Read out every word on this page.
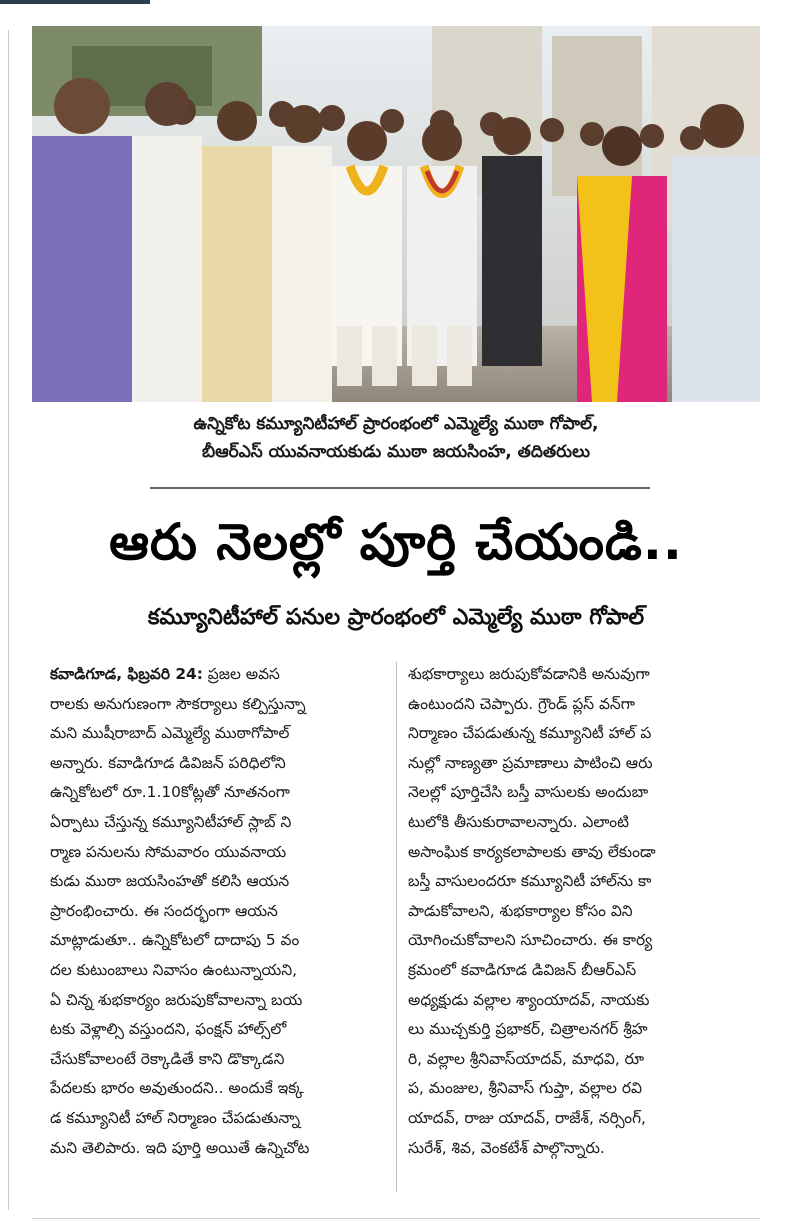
ఉన్నికోట కమ్యూనిటీహాల్ ప్రారంభంలో ఎమ్మెల్యే ముఠా గోపాల్,
బీఆర్ఎస్ యువనాయకుడు ముఠా జయసింహ, తదితరులు
ఆరు నెలల్లో పూర్తి చేయండి..
కమ్యూనిటీహాల్ పనుల ప్రారంభంలో ఎమ్మెల్యే ముఠా గోపాల్
కవాడిగూడ, ఫిబ్రవరి 24: ప్రజల అవస
రాలకు అనుగుణంగా సౌకర్యాలు కల్పిస్తున్నా
మని ముషీరాబాద్ ఎమ్మెల్యే ముఠాగోపాల్
అన్నారు. కవాడిగూడ డివిజన్ పరిధిలోని
ఉన్నికోటలో రూ.1.10కోట్లతో నూతనంగా
ఏర్పాటు చేస్తున్న కమ్యూనిటీహాల్ స్లాబ్ ని
ర్మాణ పనులను సోమవారం యువనాయ
కుడు ముఠా జయసింహతో కలిసి ఆయన
ప్రారంభించారు. ఈ సందర్భంగా ఆయన
మాట్లాడుతూ.. ఉన్నికోటలో దాదాపు 5 వం
దల కుటుంబాలు నివాసం ఉంటున్నాయని,
ఏ చిన్న శుభకార్యం జరుపుకోవాలన్నా బయ
టకు వెళ్లాల్సి వస్తుందని, ఫంక్షన్ హాల్స్‌లో
చేసుకోవాలంటే రెక్కాడితే కాని డొక్కాడని
పేదలకు భారం అవుతుందని.. అందుకే ఇక్క
డ కమ్యూనిటీ హాల్ నిర్మాణం చేపడుతున్నా
మని తెలిపారు. ఇది పూర్తి అయితే ఉన్నిచోట
శుభకార్యాలు జరుపుకోవడానికి అనువుగా
ఉంటుందని చెప్పారు. గ్రౌండ్ ప్లస్ వన్‌గా
నిర్మాణం చేపడుతున్న కమ్యూనిటీ హాల్ ప
నుల్లో నాణ్యతా ప్రమాణాలు పాటించి ఆరు
నెలల్లో పూర్తిచేసి బస్తీ వాసులకు అందుబా
టులోకి తీసుకురావాలన్నారు. ఎలాంటి
అసాంఘిక కార్యకలాపాలకు తావు లేకుండా
బస్తీ వాసులందరూ కమ్యూనిటీ హాల్‌ను కా
పాడుకోవాలని, శుభకార్యాల కోసం విని
యోగించుకోవాలని సూచించారు. ఈ కార్య
క్రమంలో కవాడిగూడ డివిజన్ బీఆర్ఎస్
అధ్యక్షుడు వల్లాల శ్యాంయాదవ్, నాయకు
లు ముచ్చకుర్తి ప్రభాకర్, చిత్రాలనగర్ శ్రీహ
రి, వల్లాల శ్రీనివాస్‌యాదవ్, మాధవి, రూ
ప, మంజుల, శ్రీనివాస్ గుప్తా, వల్లాల రవి
యాదవ్, రాజు యాదవ్, రాజేశ్, నర్సింగ్,
సురేశ్, శివ, వెంకటేశ్ పాల్గొన్నారు.
